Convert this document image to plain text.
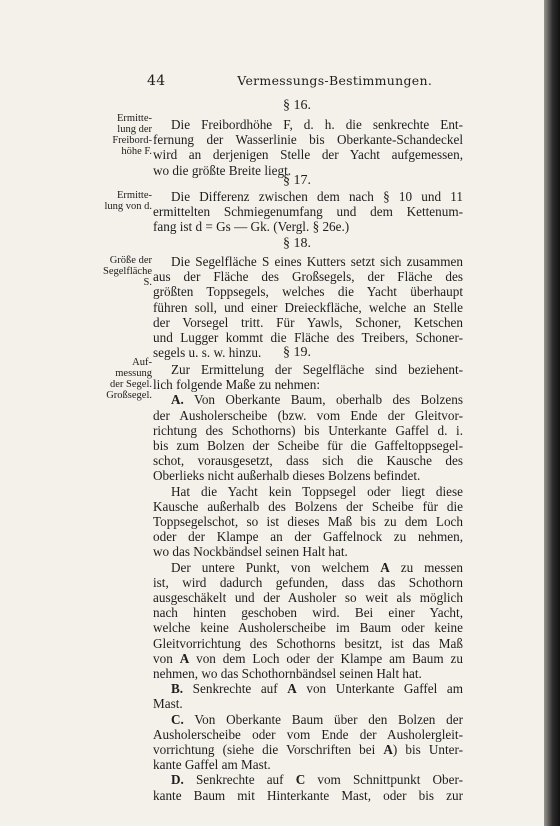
44	Vermessungs-Bestimmungen.
Ermitte-
lung der
Freibord-
höhe F.
Ermitte-
lung von d.
Größe der
Segelfläche
S.
Auf-
messung
der Segel.
Großsegel.
§ 16.
Die Freibordhöhe F, d. h. die senkrechte Ent-
fernung der Wasserlinie bis Oberkante-Schandeckel
wird an derjenigen Stelle der Yacht aufgemessen,
wo die größte Breite liegt.
§ 17.
Die Differenz zwischen dem nach § 10 und 11
ermittelten Schmiegenumfang und dem Kettenum-
fang ist d = Gs — Gk. (Vergl. § 26e.)
§ 18.
Die Segelfläche S eines Kutters setzt sich zusammen
aus der Fläche des Großsegels, der Fläche des
größten Toppsegels, welches die Yacht überhaupt
führen soll, und einer Dreieckfläche, welche an Stelle
der Vorsegel tritt. Für Yawls, Schoner, Ketschen
und Lugger kommt die Fläche des Treibers, Schoner-
segels u. s. w. hinzu.	§ 19.
Zur Ermittelung der Segelfläche sind beziehent-
lich folgende Maße zu nehmen:
A. Von Oberkante Baum, oberhalb des Bolzens
der Ausholerscheibe (bzw. vom Ende der Gleitvor-
richtung des Schothorns) bis Unterkante Gaffel d. i.
bis zum Bolzen der Scheibe für die Gaffeltoppsegel-
schot, vorausgesetzt, dass sich die Kausche des
Oberlieks nicht außerhalb dieses Bolzens befindet.
Hat die Yacht kein Toppsegel oder liegt diese
Kausche außerhalb des Bolzens der Scheibe für die
Toppsegelschot, so ist dieses Maß bis zu dem Loch
oder der Klampe an der Gaffelnock zu nehmen,
wo das Nockbändsel seinen Halt hat.
Der untere Punkt, von welchem A zu messen
ist, wird dadurch gefunden, dass das Schothorn
ausgeschäkelt und der Ausholer so weit als möglich
nach hinten geschoben wird. Bei einer Yacht,
welche keine Ausholerscheibe im Baum oder keine
Gleitvorrichtung des Schothorns besitzt, ist das Maß
von A von dem Loch oder der Klampe am Baum zu
nehmen, wo das Schothornbändsel seinen Halt hat.
B. Senkrechte auf A von Unterkante Gaffel am
Mast.
C. Von Oberkante Baum über den Bolzen der
Ausholerscheibe oder vom Ende der Ausholergleit-
vorrichtung (siehe die Vorschriften bei A) bis Unter-
kante Gaffel am Mast.
D. Senkrechte auf C vom Schnittpunkt Ober-
kante Baum mit Hinterkante Mast, oder bis zur
